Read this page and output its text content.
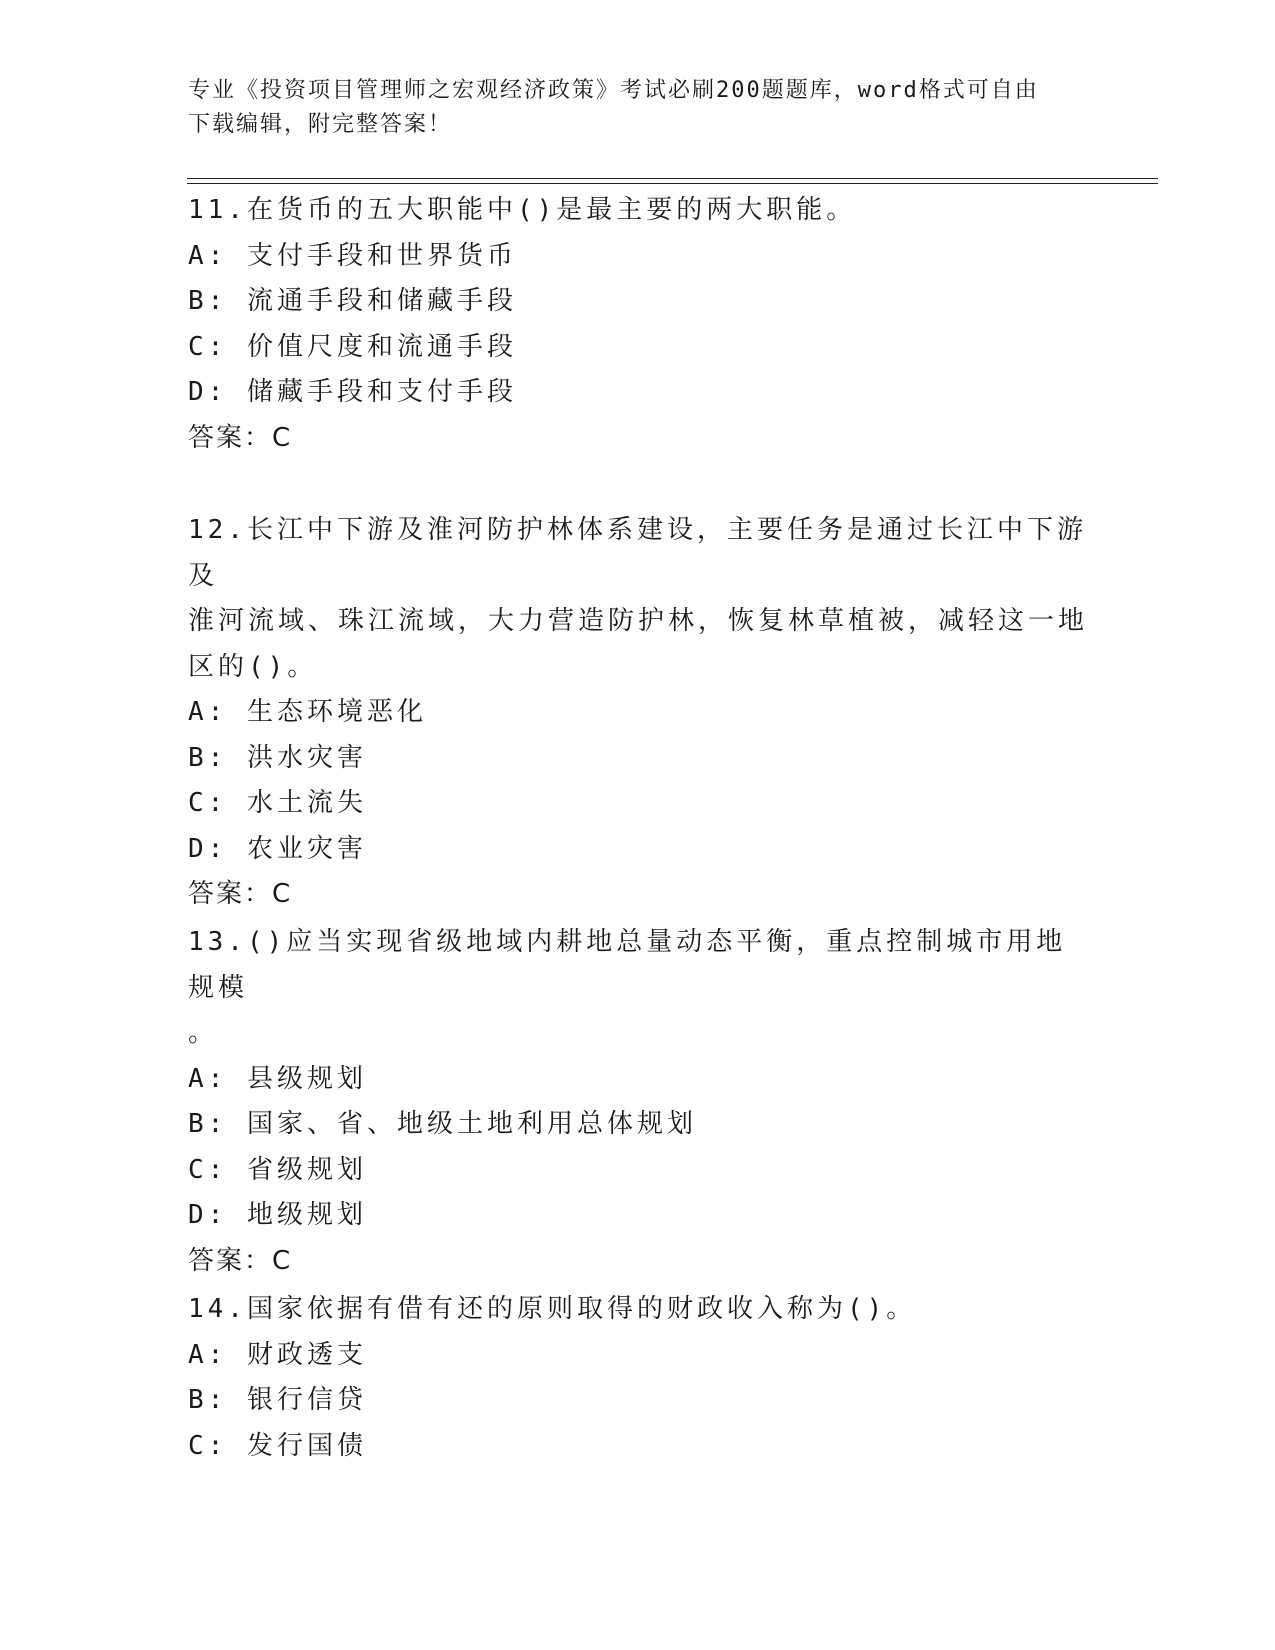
专业《投资项目管理师之宏观经济政策》考试必刷200题题库，word格式可自由
下载编辑，附完整答案！

11.在货币的五大职能中()是最主要的两大职能。

A: 支付手段和世界货币

B: 流通手段和储藏手段

C: 价值尺度和流通手段

D: 储藏手段和支付手段

答案：C

12.长江中下游及淮河防护林体系建设，主要任务是通过长江中下游及

淮河流域、珠江流域，大力营造防护林，恢复林草植被，减轻这一地

区的()。

A: 生态环境恶化

B: 洪水灾害

C: 水土流失

D: 农业灾害

答案：C

13.()应当实现省级地域内耕地总量动态平衡，重点控制城市用地规模

。

A: 县级规划

B: 国家、省、地级土地利用总体规划

C: 省级规划

D: 地级规划

答案：C

14.国家依据有借有还的原则取得的财政收入称为()。

A: 财政透支

B: 银行信贷

C: 发行国债
